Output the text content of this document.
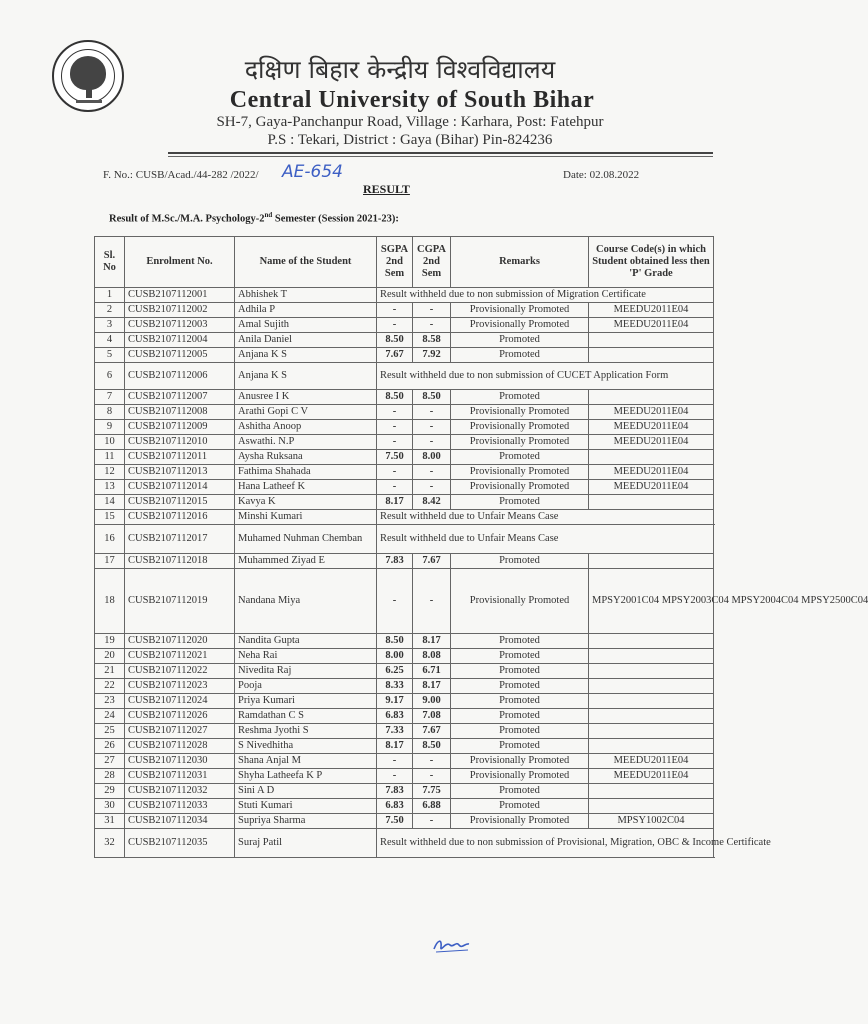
दक्षिण बिहार केन्द्रीय विश्वविद्यालय
Central University of South Bihar
SH-7, Gaya-Panchanpur Road, Village : Karhara, Post: Fatehpur
P.S : Tekari, District : Gaya (Bihar) Pin-824236
F. No.: CUSB/Acad./44-282 /2022/ AE-654	Date: 02.08.2022
RESULT
Result of M.Sc./M.A. Psychology-2nd Semester (Session 2021-23):
Sl. No	Enrolment No.	Name of the Student	SGPA 2nd Sem	CGPA 2nd Sem	Remarks	Course Code(s) in which Student obtained less then 'P' Grade
1	CUSB2107112001	Abhishek T	Result withheld due to non submission of Migration Certificate			
2	CUSB2107112002	Adhila P	-	-	Provisionally Promoted	MEEDU2011E04
3	CUSB2107112003	Amal Sujith	-	-	Provisionally Promoted	MEEDU2011E04
4	CUSB2107112004	Anila Daniel	8.50	8.58	Promoted	
5	CUSB2107112005	Anjana K S	7.67	7.92	Promoted	
6	CUSB2107112006	Anjana K S	Result withheld due to non submission of CUCET Application Form			
7	CUSB2107112007	Anusree I K	8.50	8.50	Promoted	
8	CUSB2107112008	Arathi Gopi C V	-	-	Provisionally Promoted	MEEDU2011E04
9	CUSB2107112009	Ashitha Anoop	-	-	Provisionally Promoted	MEEDU2011E04
10	CUSB2107112010	Aswathi. N.P	-	-	Provisionally Promoted	MEEDU2011E04
11	CUSB2107112011	Aysha Ruksana	7.50	8.00	Promoted	
12	CUSB2107112013	Fathima Shahada	-	-	Provisionally Promoted	MEEDU2011E04
13	CUSB2107112014	Hana Latheef K	-	-	Provisionally Promoted	MEEDU2011E04
14	CUSB2107112015	Kavya K	8.17	8.42	Promoted	
15	CUSB2107112016	Minshi Kumari	Result withheld due to Unfair Means Case			
16	CUSB2107112017	Muhamed Nuhman Chemban	Result withheld due to Unfair Means Case			
17	CUSB2107112018	Muhammed Ziyad E	7.83	7.67	Promoted	
18	CUSB2107112019	Nandana Miya	-	-	Provisionally Promoted	MPSY2001C04 MPSY2003C04 MPSY2004C04 MPSY2500C04
19	CUSB2107112020	Nandita Gupta	8.50	8.17	Promoted	
20	CUSB2107112021	Neha Rai	8.00	8.08	Promoted	
21	CUSB2107112022	Nivedita Raj	6.25	6.71	Promoted	
22	CUSB2107112023	Pooja	8.33	8.17	Promoted	
23	CUSB2107112024	Priya Kumari	9.17	9.00	Promoted	
24	CUSB2107112026	Ramdathan C S	6.83	7.08	Promoted	
25	CUSB2107112027	Reshma Jyothi S	7.33	7.67	Promoted	
26	CUSB2107112028	S Nivedhitha	8.17	8.50	Promoted	
27	CUSB2107112030	Shana Anjal M	-	-	Provisionally Promoted	MEEDU2011E04
28	CUSB2107112031	Shyha Latheefa K P	-	-	Provisionally Promoted	MEEDU2011E04
29	CUSB2107112032	Sini A D	7.83	7.75	Promoted	
30	CUSB2107112033	Stuti Kumari	6.83	6.88	Promoted	
31	CUSB2107112034	Supriya Sharma	7.50	-	Provisionally Promoted	MPSY1002C04
32	CUSB2107112035	Suraj Patil	Result withheld due to non submission of Provisional, Migration, OBC & Income Certificate			
